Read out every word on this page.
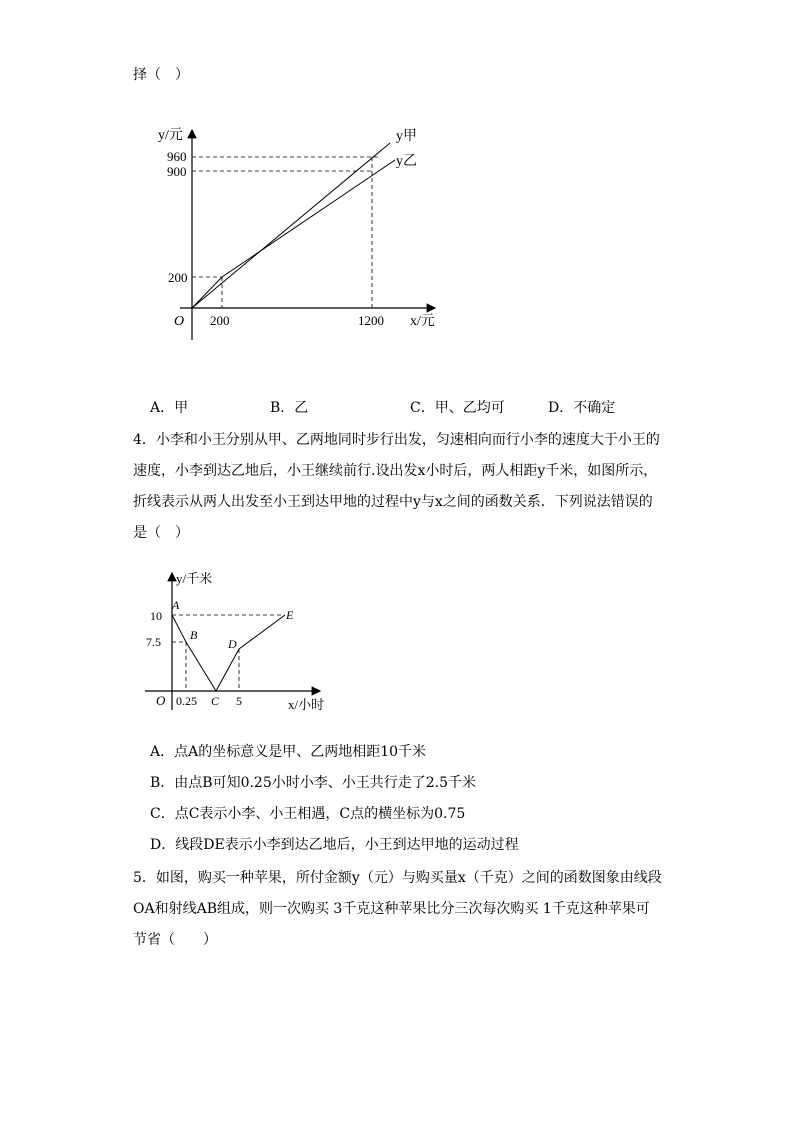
择（　）
y/元
960
900
200
O 200	1200 x/元
y甲
y乙
A．甲	B．乙	C．甲、乙均可	D．不确定
4．小李和小王分别从甲、乙两地同时步行出发，匀速相向而行小李的速度大于小王的
速度，小李到达乙地后，小王继续前行.设出发x小时后，两人相距y千米，如图所示，
折线表示从两人出发至小王到达甲地的过程中y与x之间的函数关系．下列说法错误的
是（　）
y/千米
A
10
B
7.5	D
E
O 0.25 C 5	x/小时
A．点A的坐标意义是甲、乙两地相距10千米
B．由点B可知0.25小时小李、小王共行走了2.5千米
C．点C表示小李、小王相遇，C点的横坐标为0.75
D．线段DE表示小李到达乙地后，小王到达甲地的运动过程
5．如图，购买一种苹果，所付金额y（元）与购买量x（千克）之间的函数图象由线段
OA和射线AB组成，则一次购买 3千克这种苹果比分三次每次购买 1千克这种苹果可
节省（　　）
